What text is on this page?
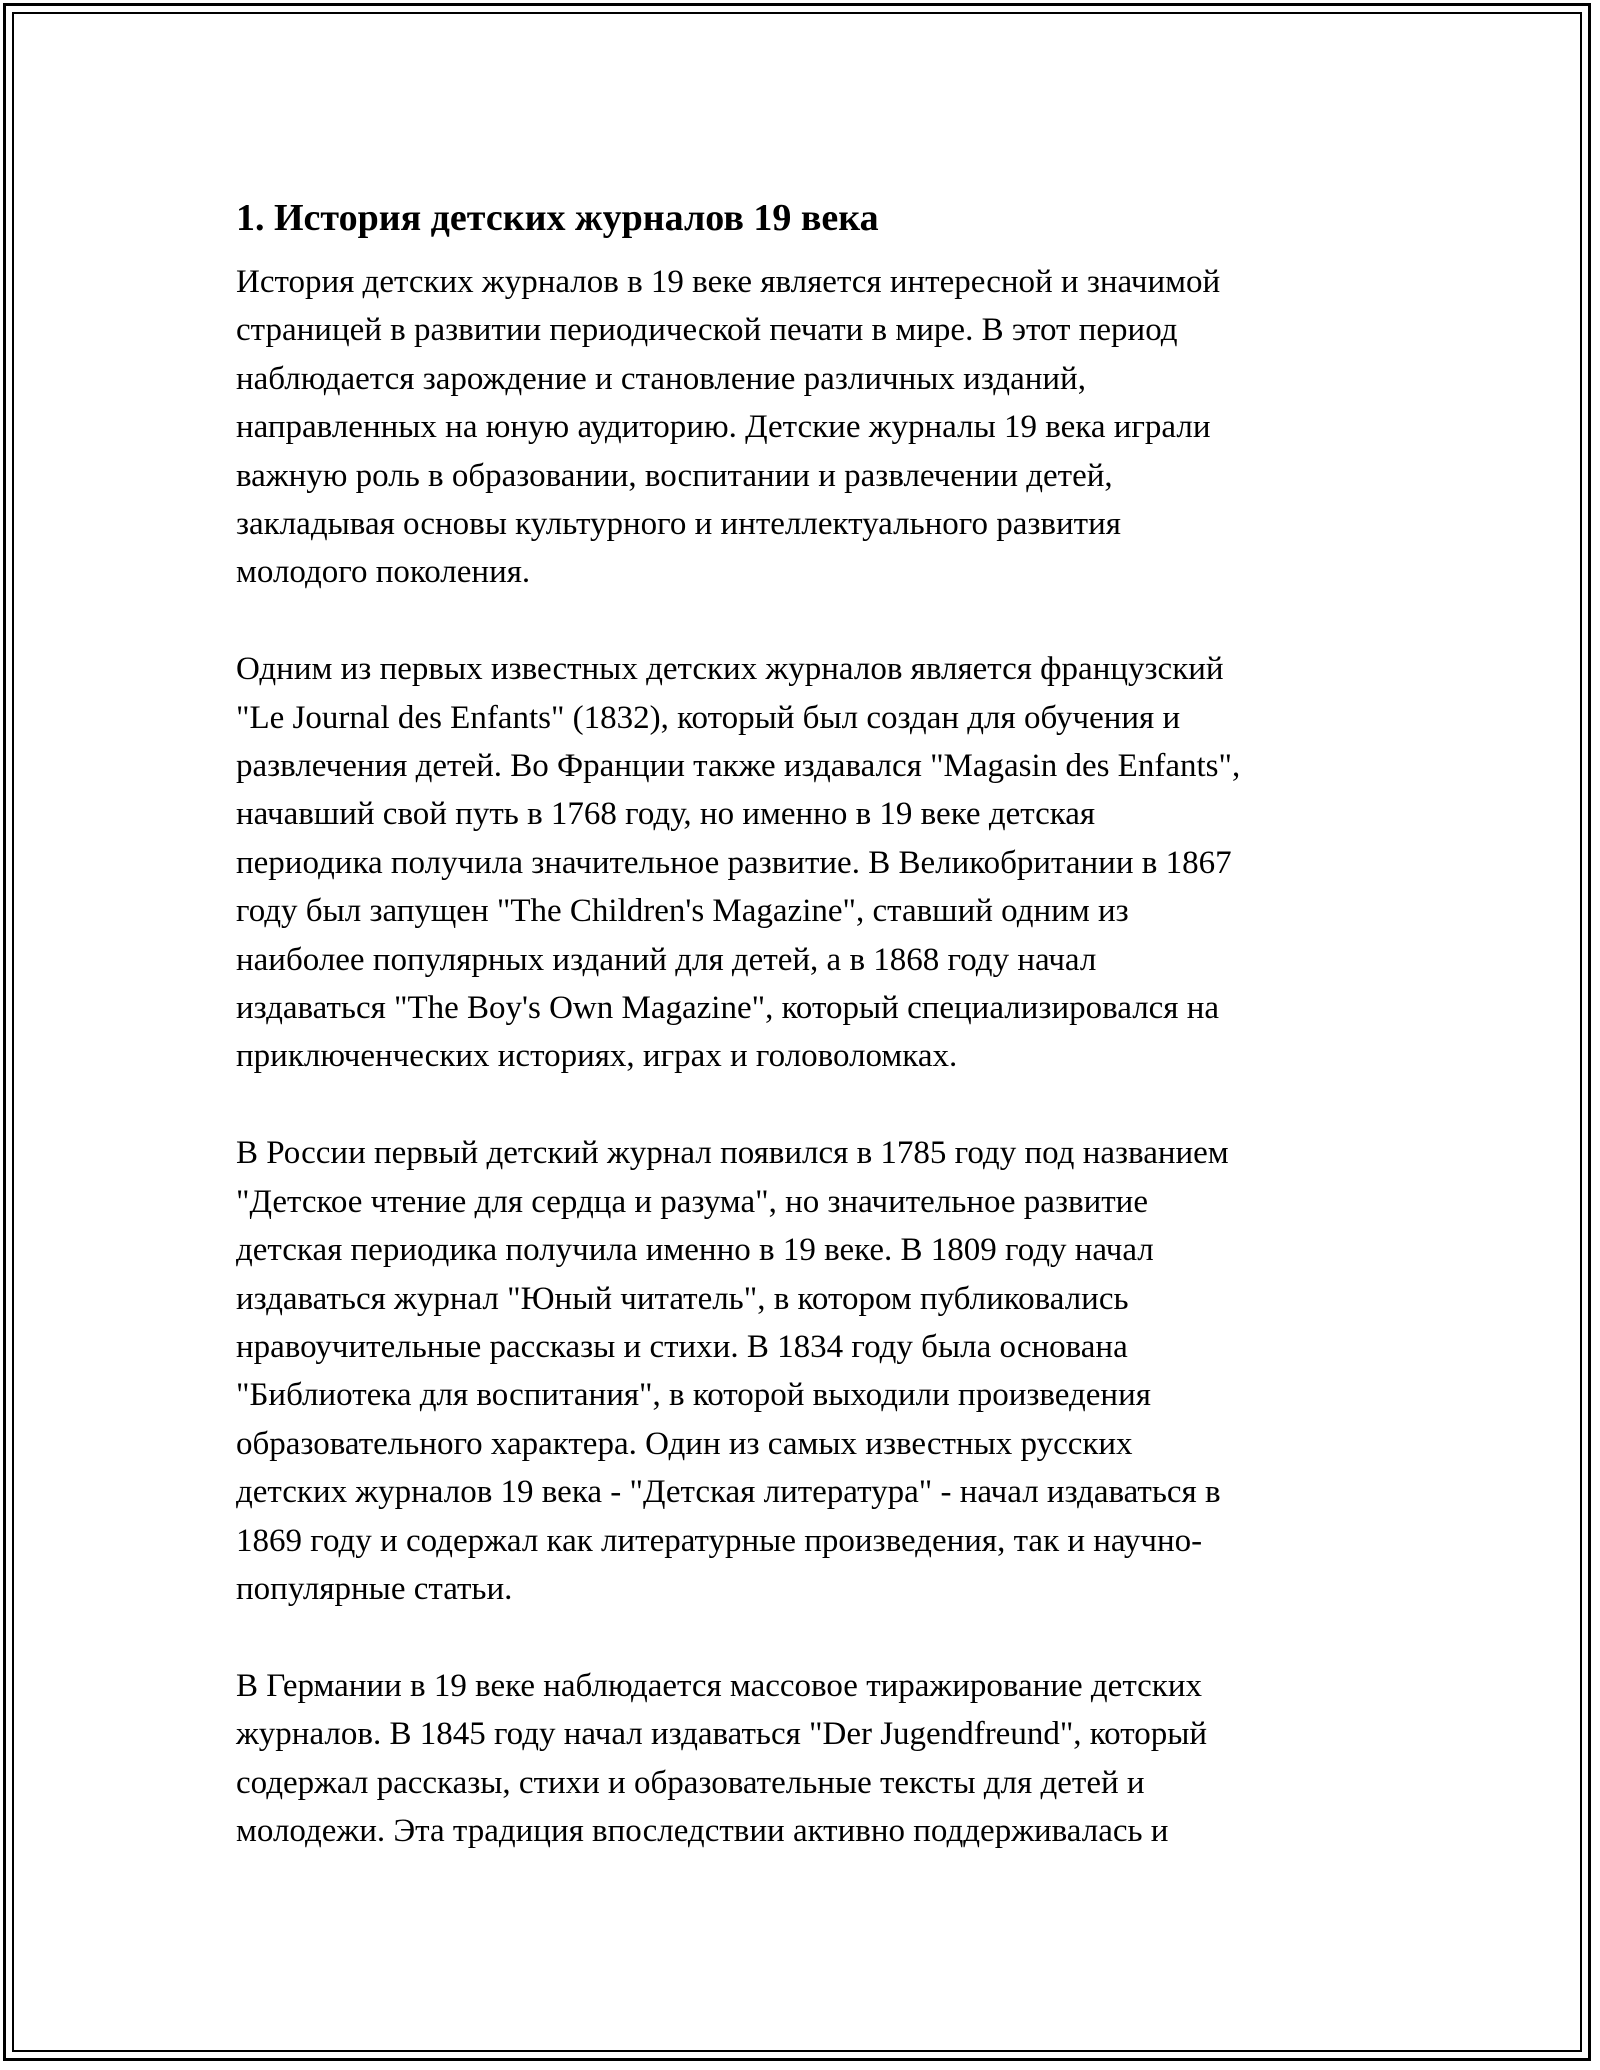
1. История детских журналов 19 века

История детских журналов в 19 веке является интересной и значимой
страницей в развитии периодической печати в мире. В этот период
наблюдается зарождение и становление различных изданий,
направленных на юную аудиторию. Детские журналы 19 века играли
важную роль в образовании, воспитании и развлечении детей,
закладывая основы культурного и интеллектуального развития
молодого поколения.

Одним из первых известных детских журналов является французский
"Le Journal des Enfants" (1832), который был создан для обучения и
развлечения детей. Во Франции также издавался "Magasin des Enfants",
начавший свой путь в 1768 году, но именно в 19 веке детская
периодика получила значительное развитие. В Великобритании в 1867
году был запущен "The Children's Magazine", ставший одним из
наиболее популярных изданий для детей, а в 1868 году начал
издаваться "The Boy's Own Magazine", который специализировался на
приключенческих историях, играх и головоломках.

В России первый детский журнал появился в 1785 году под названием
"Детское чтение для сердца и разума", но значительное развитие
детская периодика получила именно в 19 веке. В 1809 году начал
издаваться журнал "Юный читатель", в котором публиковались
нравоучительные рассказы и стихи. В 1834 году была основана
"Библиотека для воспитания", в которой выходили произведения
образовательного характера. Один из самых известных русских
детских журналов 19 века - "Детская литература" - начал издаваться в
1869 году и содержал как литературные произведения, так и научно-
популярные статьи.

В Германии в 19 веке наблюдается массовое тиражирование детских
журналов. В 1845 году начал издаваться "Der Jugendfreund", который
содержал рассказы, стихи и образовательные тексты для детей и
молодежи. Эта традиция впоследствии активно поддерживалась и
